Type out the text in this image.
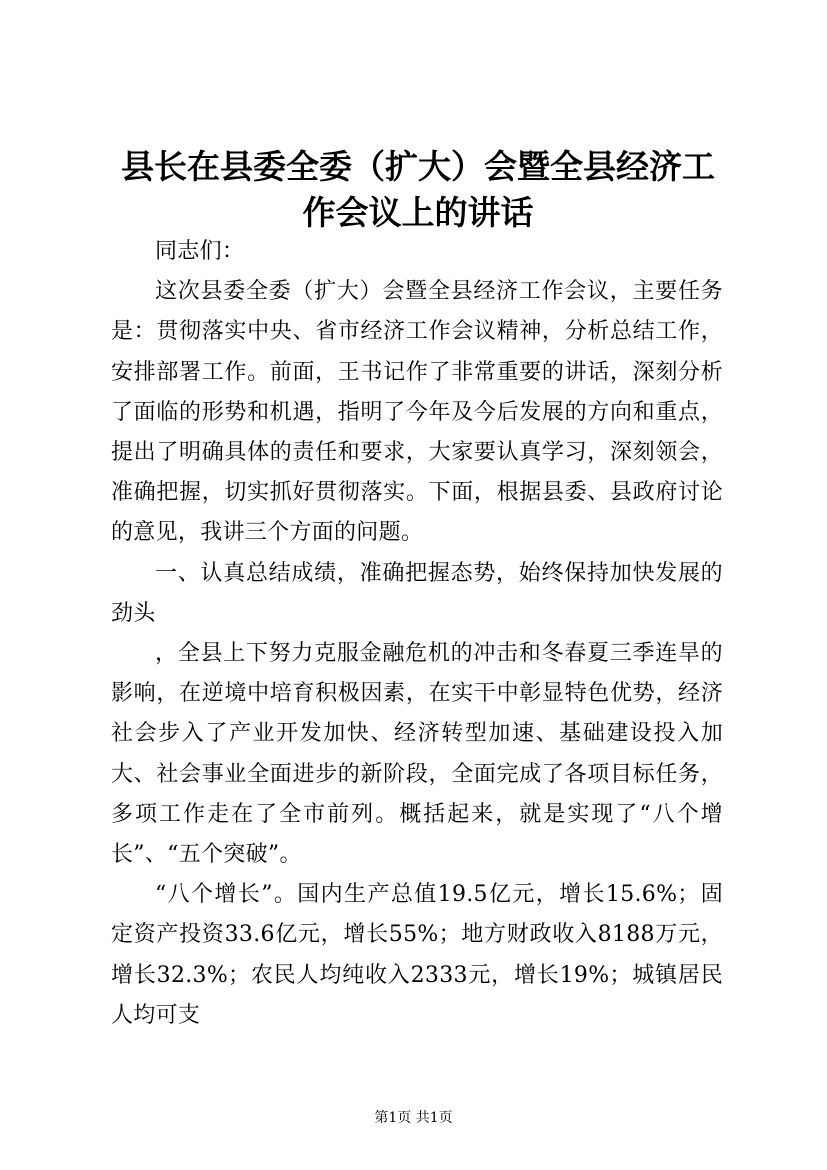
县长在县委全委（扩大）会暨全县经济工作会议上的讲话

同志们：

这次县委全委（扩大）会暨全县经济工作会议，主要任务是：贯彻落实中央、省市经济工作会议精神，分析总结工作，安排部署工作。前面，王书记作了非常重要的讲话，深刻分析了面临的形势和机遇，指明了今年及今后发展的方向和重点，提出了明确具体的责任和要求，大家要认真学习，深刻领会，准确把握，切实抓好贯彻落实。下面，根据县委、县政府讨论的意见，我讲三个方面的问题。

一、认真总结成绩，准确把握态势，始终保持加快发展的劲头

，全县上下努力克服金融危机的冲击和冬春夏三季连旱的影响，在逆境中培育积极因素，在实干中彰显特色优势，经济社会步入了产业开发加快、经济转型加速、基础建设投入加大、社会事业全面进步的新阶段，全面完成了各项目标任务，多项工作走在了全市前列。概括起来，就是实现了“八个增长”、“五个突破”。

“八个增长”。国内生产总值19.5亿元，增长15.6%；固定资产投资33.6亿元，增长55%；地方财政收入8188万元，增长32.3%；农民人均纯收入2333元，增长19%；城镇居民人均可支

第1页 共1页
